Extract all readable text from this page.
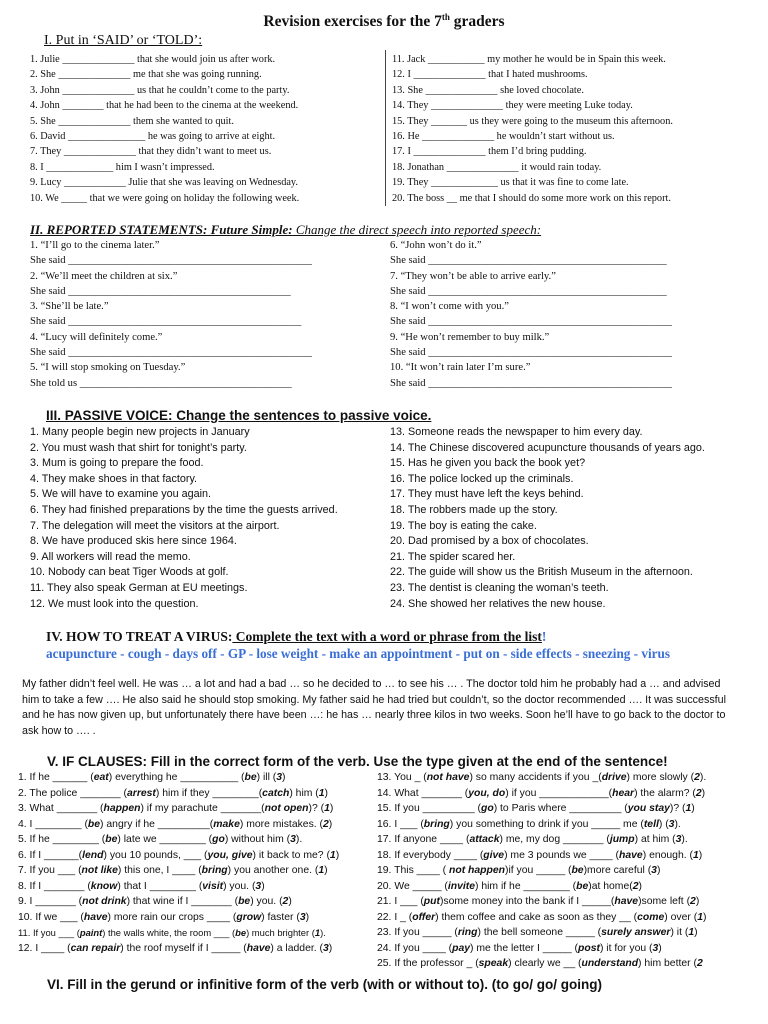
Revision exercises for the 7th graders
I. Put in ‘SAID’ or ‘TOLD’:
1. Julie ______________ that she would join us after work.
2. She ______________ me that she was going running.
3. John ______________ us that he couldn’t come to the party.
4. John ________ that he had been to the cinema at the weekend.
5. She ______________ them she wanted to quit.
6. David _______________ he was going to arrive at eight.
7. They ______________ that they didn’t want to meet us.
8. I _____________ him I wasn’t impressed.
9. Lucy ____________ Julie that she was leaving on Wednesday.
10. We _____ that we were going on holiday the following week.
11. Jack ___________ my mother he would be in Spain this week.
12. I ______________ that I hated mushrooms.
13. She ______________ she loved chocolate.
14. They ______________ they were meeting Luke today.
15. They _______ us they were going to the museum this afternoon.
16. He ______________ he wouldn’t start without us.
17. I ______________ them I’d bring pudding.
18. Jonathan ______________ it would rain today.
19. They _____________ us that it was fine to come late.
20. The boss __ me that I should do some more work on this report.
II. REPORTED STATEMENTS: Future Simple: Change the direct speech into reported speech:
1. “I’ll go to the cinema later.”
She said ______________________________________________
2. “We’ll meet the children at six.”
She said __________________________________________
3. “She’ll be late.”
She said ____________________________________________
4. “Lucy will definitely come.”
She said ______________________________________________
5. “I will stop smoking on Tuesday.”
She told us ________________________________________
6. “John won’t do it.”
She said _____________________________________________
7. “They won’t be able to arrive early.”
She said _____________________________________________
8. “I won’t come with you.”
She said ______________________________________________
9. “He won’t remember to buy milk.”
She said ______________________________________________
10. “It won’t rain later I’m sure.”
She said ______________________________________________
III. PASSIVE VOICE: Change the sentences to passive voice.
1. Many people begin new projects in January
2. You must wash that shirt for tonight’s party.
3. Mum is going to prepare the food.
4. They make shoes in that factory.
5. We will have to examine you again.
6. They had finished preparations by the time the guests arrived.
7. The delegation will meet the visitors at the airport.
8. We have produced skis here since 1964.
9. All workers will read the memo.
10. Nobody can beat Tiger Woods at golf.
11. They also speak German at EU meetings.
12. We must look into the question.
13. Someone reads the newspaper to him every day.
14. The Chinese discovered acupuncture thousands of years ago.
15. Has he given you back the book yet?
16. The police locked up the criminals.
17. They must have left the keys behind.
18. The robbers made up the story.
19. The boy is eating the cake.
20. Dad promised by a box of chocolates.
21. The spider scared her.
22. The guide will show us the British Museum in the afternoon.
23. The dentist is cleaning the woman’s teeth.
24. She showed her relatives the new house.
IV. HOW TO TREAT A VIRUS: Complete the text with a word or phrase from the list!
acupuncture - cough - days off - GP - lose weight - make an appointment - put on - side effects - sneezing - virus
My father didn’t feel well. He was … a lot and had a bad … so he decided to … to see his … . The doctor told him he probably had a … and advised him to take a few …. He also said he should stop smoking. My father said he had tried but couldn’t, so the doctor recommended …. It was successful and he has now given up, but unfortunately there have been …: he has … nearly three kilos in two weeks. Soon he’ll have to go back to the doctor to ask how to …. .
V. IF CLAUSES: Fill in the correct form of the verb. Use the type given at the end of the sentence!
1. If he ______ (eat) everything he __________ (be) ill (3)
2. The police _______ (arrest) him if they ________(catch) him (1)
3. What _______ (happen) if my parachute _______(not open)? (1)
4. I ________ (be) angry if he _________(make) more mistakes. (2)
5. If he ________ (be) late we ________ (go) without him (3).
6. If I ______(lend) you 10 pounds, ___ (you, give) it back to me? (1)
7. If you ___ (not like) this one, I ____ (bring) you another one. (1)
8. If I _______ (know) that I ________ (visit) you. (3)
9. I _______ (not drink) that wine if I _______ (be) you. (2)
10. If we ___ (have) more rain our crops ____ (grow) faster (3)
11. If you ___ (paint) the walls white, the room ___ (be) much brighter (1).
12. I ____ (can repair) the roof myself if I _____ (have) a ladder. (3)
13. You _ (not have) so many accidents if you _(drive) more slowly (2).
14. What _______ (you, do) if you ____________(hear) the alarm? (2)
15. If you _________ (go) to Paris where _________ (you stay)? (1)
16. I ___ (bring) you something to drink if you _____ me (tell) (3).
17. If anyone ____ (attack) me, my dog _______ (jump) at him (3).
18. If everybody ____ (give) me 3 pounds we ____ (have) enough. (1)
19. This ____ ( not happen)if you _____ (be)more careful (3)
20. We _____ (invite) him if he ________ (be)at home(2)
21. I ___ (put)some money into the bank if I _____(have)some left (2)
22. I _ (offer) them coffee and cake as soon as they __ (come) over (1)
23. If you _____ (ring) the bell someone _____ (surely answer) it (1)
24. If you ____ (pay) me the letter I _____ (post) it for you (3)
25. If the professor _ (speak) clearly we __ (understand) him better (2
VI. Fill in the gerund or infinitive form of the verb (with or without to). (to go/ go/ going)
